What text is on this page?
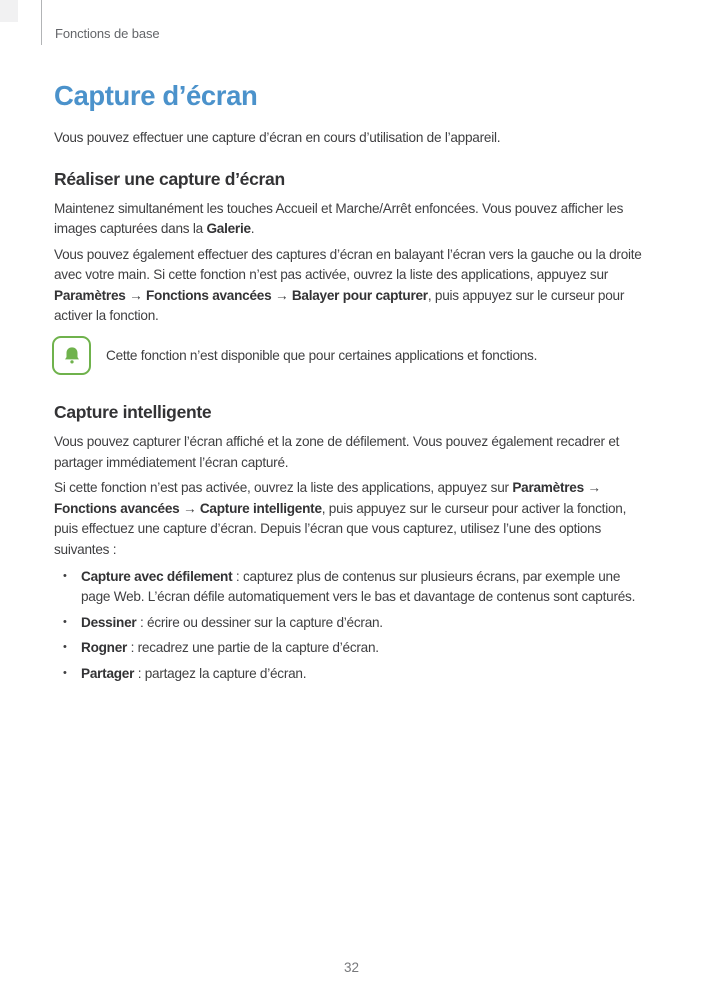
Fonctions de base
Capture d’écran

Vous pouvez effectuer une capture d’écran en cours d’utilisation de l’appareil.

Réaliser une capture d’écran

Maintenez simultanément les touches Accueil et Marche/Arrêt enfoncées. Vous pouvez afficher les images capturées dans la Galerie.

Vous pouvez également effectuer des captures d’écran en balayant l’écran vers la gauche ou la droite avec votre main. Si cette fonction n’est pas activée, ouvrez la liste des applications, appuyez sur Paramètres → Fonctions avancées → Balayer pour capturer, puis appuyez sur le curseur pour activer la fonction.

Cette fonction n’est disponible que pour certaines applications et fonctions.
Capture intelligente

Vous pouvez capturer l’écran affiché et la zone de défilement. Vous pouvez également recadrer et partager immédiatement l’écran capturé.

Si cette fonction n’est pas activée, ouvrez la liste des applications, appuyez sur Paramètres → Fonctions avancées → Capture intelligente, puis appuyez sur le curseur pour activer la fonction, puis effectuez une capture d’écran. Depuis l’écran que vous capturez, utilisez l’une des options suivantes :

• Capture avec défilement : capturez plus de contenus sur plusieurs écrans, par exemple une page Web. L’écran défile automatiquement vers le bas et davantage de contenus sont capturés.
• Dessiner : écrire ou dessiner sur la capture d’écran.
• Rogner : recadrez une partie de la capture d’écran.
• Partager : partagez la capture d’écran.
32
